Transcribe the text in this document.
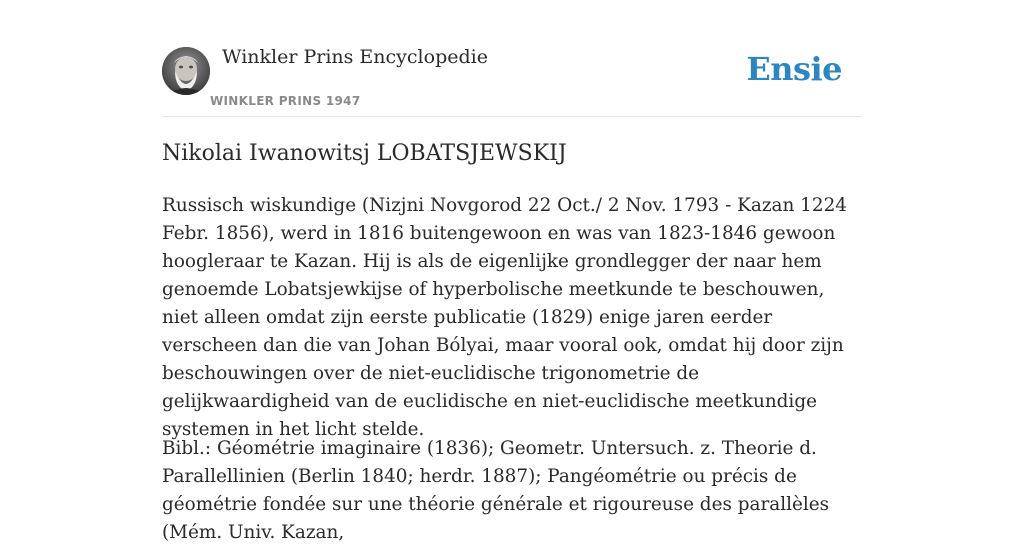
Winkler Prins Encyclopedie
WINKLER PRINS 1947
Ensie
Nikolai Iwanowitsj LOBATSJEWSKIJ

Russisch wiskundige (Nizjni Novgorod 22 Oct./ 2 Nov. 1793 - Kazan 1224 Febr. 1856), werd in 1816 buitengewoon en was van 1823-1846 gewoon hoogleraar te Kazan. Hij is als de eigenlijke grondlegger der naar hem genoemde Lobatsjewkijse of hyperbolische meetkunde te beschouwen, niet alleen omdat zijn eerste publicatie (1829) enige jaren eerder verscheen dan die van Johan Bólyai, maar vooral ook, omdat hij door zijn beschouwingen over de niet-euclidische trigonometrie de gelijkwaardigheid van de euclidische en niet-euclidische meetkundige systemen in het licht stelde.

Bibl.: Géométrie imaginaire (1836); Geometr. Untersuch. z. Theorie d. Parallellinien (Berlin 1840; herdr. 1887); Pangéométrie ou précis de géométrie fondée sur une théorie générale et rigoureuse des parallèles (Mém. Univ. Kazan,
